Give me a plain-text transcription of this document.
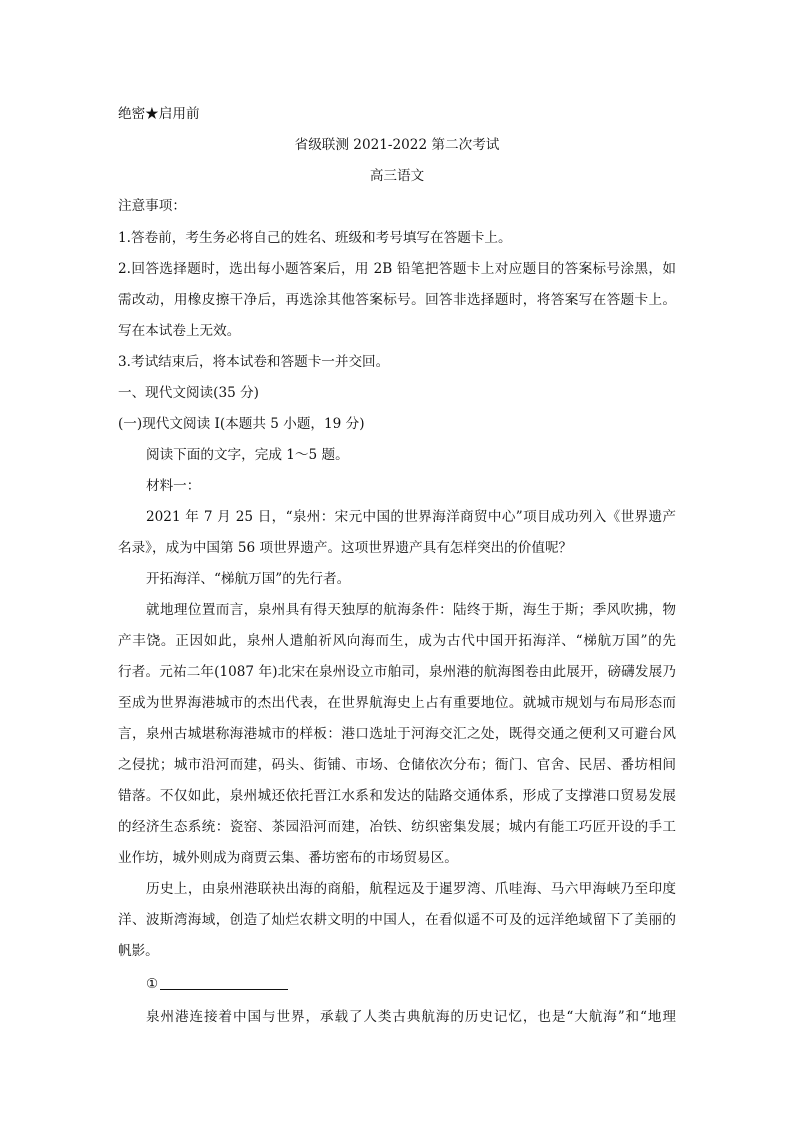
绝密★启用前
省级联测 2021-2022 第二次考试
高三语文
注意事项：
1.答卷前，考生务必将自己的姓名、班级和考号填写在答题卡上。
2.回答选择题时，选出每小题答案后，用 2B 铅笔把答题卡上对应题目的答案标号涂黑，如
需改动，用橡皮擦干净后，再选涂其他答案标号。回答非选择题时，将答案写在答题卡上。
写在本试卷上无效。
3.考试结束后，将本试卷和答题卡一并交回。
一、现代文阅读(35 分)
(一)现代文阅读 I(本题共 5 小题，19 分)
阅读下面的文字，完成 1～5 题。
材料一：
2021 年 7 月 25 日，“泉州：宋元中国的世界海洋商贸中心”项目成功列入《世界遗产
名录》，成为中国第 56 项世界遗产。这项世界遗产具有怎样突出的价值呢？
开拓海洋、“梯航万国”的先行者。
就地理位置而言，泉州具有得天独厚的航海条件：陆终于斯，海生于斯；季风吹拂，物
产丰饶。正因如此，泉州人遣舶祈风向海而生，成为古代中国开拓海洋、“梯航万国”的先
行者。元祐二年(1087 年)北宋在泉州设立市舶司，泉州港的航海图卷由此展开，磅礴发展乃
至成为世界海港城市的杰出代表，在世界航海史上占有重要地位。就城市规划与布局形态而
言，泉州古城堪称海港城市的样板：港口选址于河海交汇之处，既得交通之便利又可避台风
之侵扰；城市沿河而建，码头、街铺、市场、仓储依次分布；衙门、官舍、民居、番坊相间
错落。不仅如此，泉州城还依托晋江水系和发达的陆路交通体系，形成了支撑港口贸易发展
的经济生态系统：瓷窑、茶园沿河而建，冶铁、纺织密集发展；城内有能工巧匠开设的手工
业作坊，城外则成为商贾云集、番坊密布的市场贸易区。
历史上，由泉州港联袂出海的商船，航程远及于暹罗湾、爪哇海、马六甲海峡乃至印度
洋、波斯湾海域，创造了灿烂农耕文明的中国人，在看似遥不可及的远洋绝域留下了美丽的
帆影。
①
泉州港连接着中国与世界，承载了人类古典航海的历史记忆，也是“大航海”和“地理
